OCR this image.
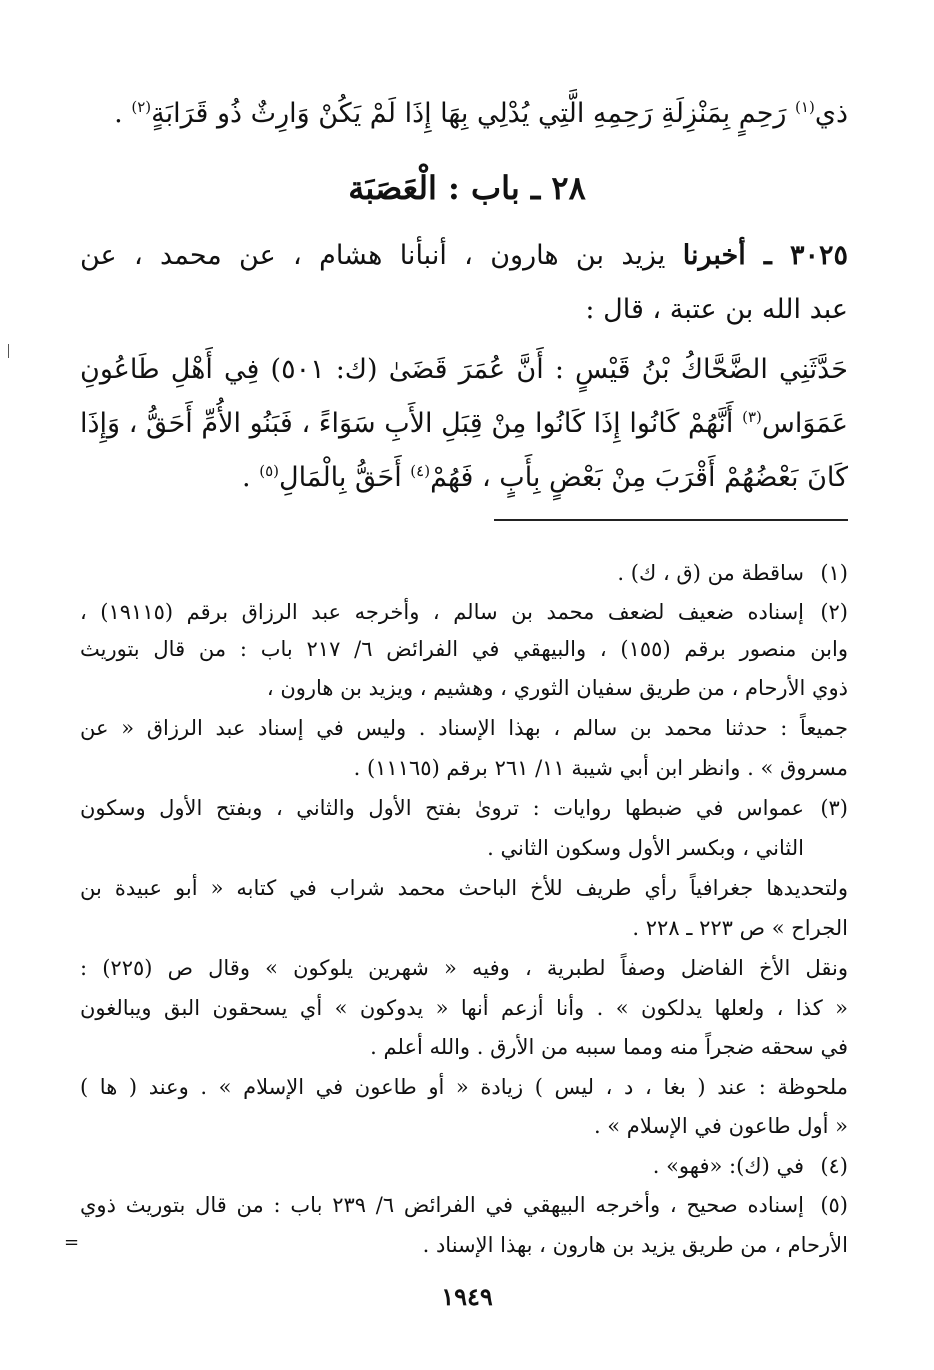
ذي$^{(١)}$ رَحِمٍ بِمَنْزِلَةِ رَحِمِهِ الَّتِي يُدْلِي بِهَا إِذَا لَمْ يَكُنْ وَارِثٌ ذُو قَرَابَةٍ$^{(٢)}$ .
٢٨ ـ باب : الْعَصَبَة
٣٠٢٥ ـ أخبرنا يزيد بن هارون ، أنبأنا هشام ، عن محمد ، عن
عبد الله بن عتبة ، قال :
حَدَّثَنِي الضَّحَّاكُ بْنُ قَيْسٍ : أَنَّ عُمَرَ قَضَىٰ (ك: ٥٠١) فِي أَهْلِ طَاعُونِ
عَمَوَاس$^{(٣)}$ أَنَّهُمْ كَانُوا إِذَا كَانُوا مِنْ قِبَلِ الأَبِ سَوَاءً ، فَبَنُو الأُمِّ أَحَقُّ ، وَإِذَا
كَانَ بَعْضُهُمْ أَقْرَبَ مِنْ بَعْضٍ بِأَبٍ ، فَهُمْ$^{(٤)}$ أَحَقُّ بِالْمَالِ$^{(٥)}$ .
(١)
ساقطة من (ق ، ك) .
(٢)
إسناده ضعيف لضعف محمد بن سالم ، وأخرجه عبد الرزاق برقم (١٩١١٥) ،
وابن منصور برقم (١٥٥) ، والبيهقي في الفرائض ٦/ ٢١٧ باب : من قال بتوريث
ذوي الأرحام ، من طريق سفيان الثوري ، وهشيم ، ويزيد بن هارون ،
جميعاً : حدثنا محمد بن سالم ، بهذا الإسناد . وليس في إسناد عبد الرزاق « عن
مسروق » . وانظر ابن أبي شيبة ١١/ ٢٦١ برقم (١١١٦٥) .
(٣)
عمواس في ضبطها روايات : تروىٰ بفتح الأول والثاني ، وبفتح الأول وسكون
الثاني ، وبكسر الأول وسكون الثاني .
ولتحديدها جغرافياً رأي طريف للأخ الباحث محمد شراب في كتابه « أبو عبيدة بن
الجراح » ص ٢٢٣ ـ ٢٢٨ .
ونقل الأخ الفاضل وصفاً لطبرية ، وفيه « شهرين يلوكون » وقال ص (٢٢٥) :
« كذا ، ولعلها يدلكون » . وأنا أزعم أنها « يدوكون » أي يسحقون البق ويبالغون
في سحقه ضجراً منه ومما سببه من الأرق . والله أعلم .
ملحوظة : عند ( بغا ، د ، ليس ) زيادة « أو طاعون في الإسلام » . وعند ( ها )
« أول طاعون في الإسلام » .
(٤)
في (ك): «فهو» .
(٥)
إسناده صحيح ، وأخرجه البيهقي في الفرائض ٦/ ٢٣٩ باب : من قال بتوريث ذوي
الأرحام ، من طريق يزيد بن هارون ، بهذا الإسناد .
=
١٩٤٩
